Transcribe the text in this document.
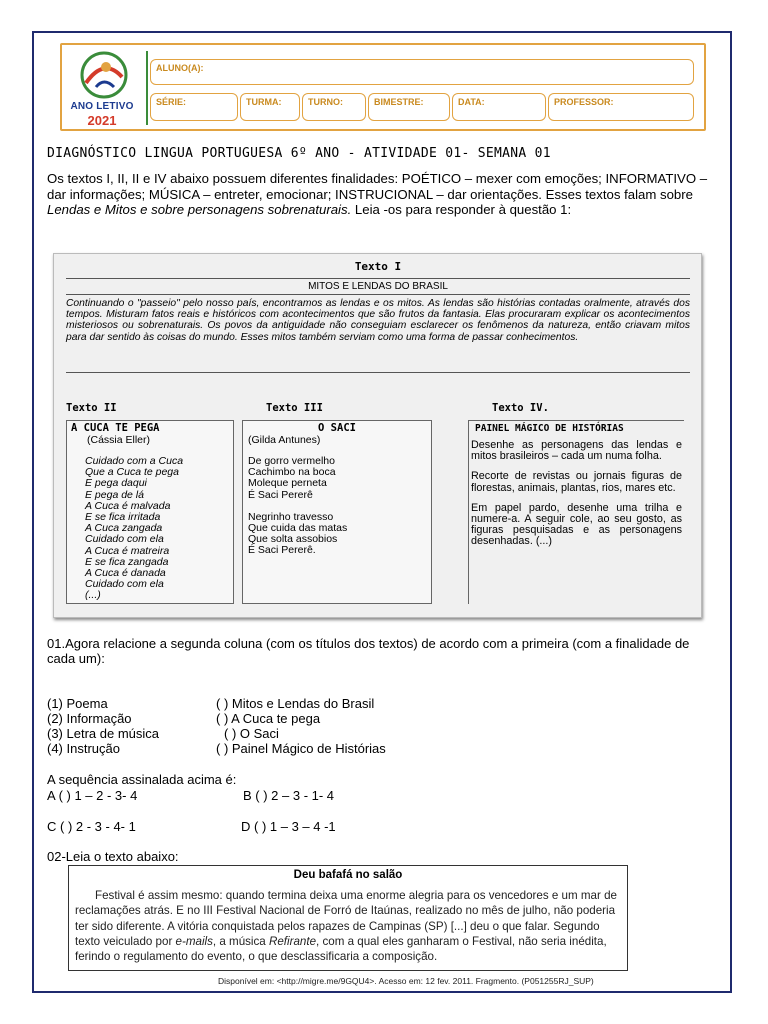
ANO LETIVO
2021
ALUNO(A):
SÉRIE:	TURMA:	TURNO:	BIMESTRE:	DATA:	PROFESSOR:
DIAGNÓSTICO LINGUA PORTUGUESA 6º ANO - ATIVIDADE 01- SEMANA 01
Os textos I, II, II e IV abaixo possuem diferentes finalidades: POÉTICO – mexer com emoções; INFORMATIVO – dar informações; MÚSICA – entreter, emocionar; INSTRUCIONAL – dar orientações. Esses textos falam sobre Lendas e Mitos e sobre personagens sobrenaturais. Leia -os para responder à questão 1:
Texto I
MITOS E LENDAS DO BRASIL
Continuando o "passeio" pelo nosso país, encontramos as lendas e os mitos. As lendas são histórias contadas oralmente, através dos tempos. Misturam fatos reais e históricos com acontecimentos que são frutos da fantasia. Elas procuraram explicar os acontecimentos misteriosos ou sobrenaturais. Os povos da antiguidade não conseguiam esclarecer os fenômenos da natureza, então criavam mitos para dar sentido às coisas do mundo. Esses mitos também serviam como uma forma de passar conhecimentos.
Texto II	Texto III	Texto IV.
A CUCA TE PEGA
(Cássia Eller)
Cuidado com a Cuca
Que a Cuca te pega
E pega daqui
E pega de lá
A Cuca é malvada
E se fica irritada
A Cuca zangada
Cuidado com ela
A Cuca é matreira
E se fica zangada
A Cuca é danada
Cuidado com ela
(...)
O SACI
(Gilda Antunes)
De gorro vermelho
Cachimbo na boca
Moleque perneta
É Saci Pererê
Negrinho travesso
Que cuida das matas
Que solta assobios
É Saci Pererê.
PAINEL MÁGICO DE HISTÓRIAS
Desenhe as personagens das lendas e mitos brasileiros – cada um numa folha.
Recorte de revistas ou jornais figuras de florestas, animais, plantas, rios, mares etc.
Em papel pardo, desenhe uma trilha e numere-a. A seguir cole, ao seu gosto, as figuras pesquisadas e as personagens desenhadas. (...)
01.Agora relacione a segunda coluna (com os títulos dos textos) de acordo com a primeira (com a finalidade de cada um):
(1) Poema
(2) Informação
(3) Letra de música
(4) Instrução
( ) Mitos e Lendas do Brasil
( ) A Cuca te pega
( ) O Saci
( ) Painel Mágico de Histórias
A sequência assinalada acima é:
A ( ) 1 – 2 - 3- 4	B ( ) 2 – 3 - 1- 4
C ( ) 2 - 3 - 4- 1	D ( ) 1 – 3 – 4 -1
02-Leia o texto abaixo:
Deu bafafá no salão
Festival é assim mesmo: quando termina deixa uma enorme alegria para os vencedores e um mar de reclamações atrás. E no III Festival Nacional de Forró de Itaúnas, realizado no mês de julho, não poderia ter sido diferente. A vitória conquistada pelos rapazes de Campinas (SP) [...] deu o que falar. Segundo texto veiculado por e-mails, a música Refirante, com a qual eles ganharam o Festival, não seria inédita, ferindo o regulamento do evento, o que desclassificaria a composição.
Disponível em: <http://migre.me/9GQU4>. Acesso em: 12 fev. 2011. Fragmento. (P051255RJ_SUP)
